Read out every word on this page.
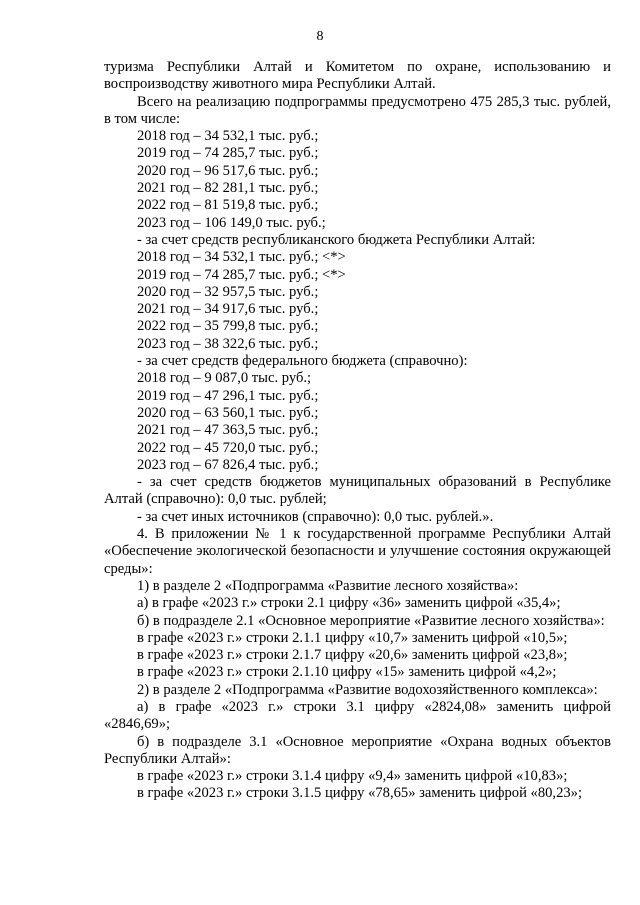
8

туризма Республики Алтай и Комитетом по охране, использованию и воспроизводству животного мира Республики Алтай.

Всего на реализацию подпрограммы предусмотрено 475 285,3 тыс. рублей, в том числе:

2018 год – 34 532,1 тыс. руб.;

2019 год – 74 285,7 тыс. руб.;

2020 год – 96 517,6 тыс. руб.;

2021 год – 82 281,1 тыс. руб.;

2022 год – 81 519,8 тыс. руб.;

2023 год – 106 149,0 тыс. руб.;

- за счет средств республиканского бюджета Республики Алтай:

2018 год – 34 532,1 тыс. руб.; <*>

2019 год – 74 285,7 тыс. руб.; <*>

2020 год – 32 957,5 тыс. руб.;

2021 год – 34 917,6 тыс. руб.;

2022 год – 35 799,8 тыс. руб.;

2023 год – 38 322,6 тыс. руб.;

- за счет средств федерального бюджета (справочно):

2018 год – 9 087,0 тыс. руб.;

2019 год – 47 296,1 тыс. руб.;

2020 год – 63 560,1 тыс. руб.;

2021 год – 47 363,5 тыс. руб.;

2022 год – 45 720,0 тыс. руб.;

2023 год – 67 826,4 тыс. руб.;

- за счет средств бюджетов муниципальных образований в Республике Алтай (справочно): 0,0 тыс. рублей;

- за счет иных источников (справочно): 0,0 тыс. рублей.».

4. В приложении № 1 к государственной программе Республики Алтай «Обеспечение экологической безопасности и улучшение состояния окружающей среды»:

1) в разделе 2 «Подпрограмма «Развитие лесного хозяйства»:

а) в графе «2023 г.» строки 2.1 цифру «36» заменить цифрой «35,4»;

б) в подразделе 2.1 «Основное мероприятие «Развитие лесного хозяйства»:

в графе «2023 г.» строки 2.1.1 цифру «10,7» заменить цифрой «10,5»;

в графе «2023 г.» строки 2.1.7 цифру «20,6» заменить цифрой «23,8»;

в графе «2023 г.» строки 2.1.10 цифру «15» заменить цифрой «4,2»;

2) в разделе 2 «Подпрограмма «Развитие водохозяйственного комплекса»:

а) в графе «2023 г.» строки 3.1 цифру «2824,08» заменить цифрой «2846,69»;

б) в подразделе 3.1 «Основное мероприятие «Охрана водных объектов Республики Алтай»:

в графе «2023 г.» строки 3.1.4 цифру «9,4» заменить цифрой «10,83»;

в графе «2023 г.» строки 3.1.5 цифру «78,65» заменить цифрой «80,23»;
